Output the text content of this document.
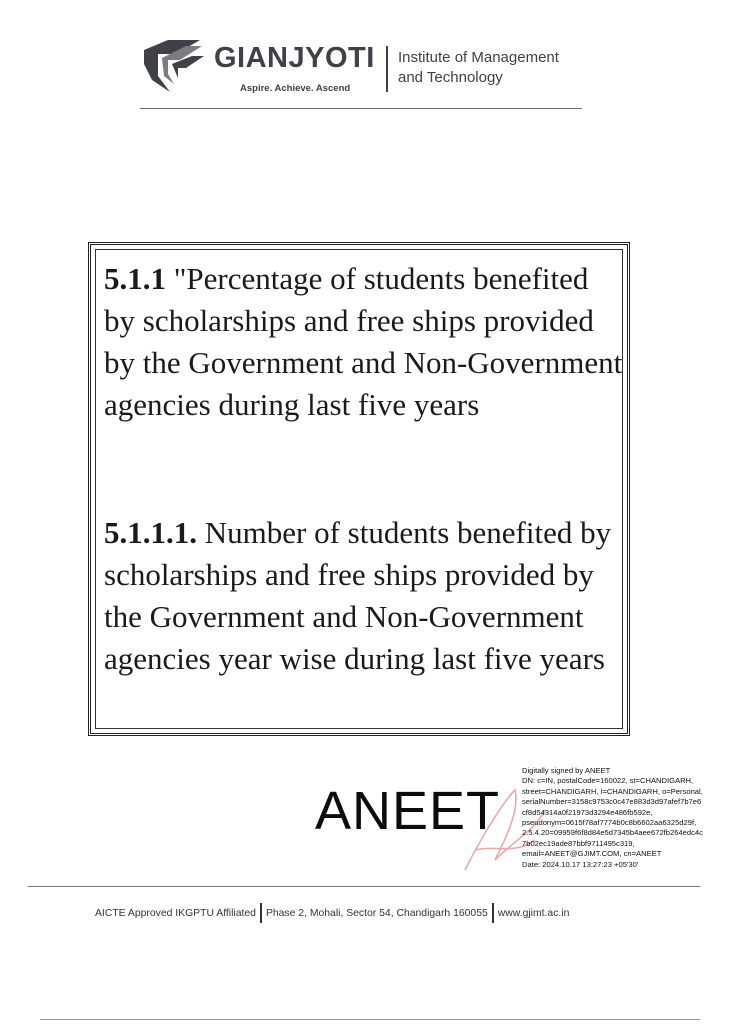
GIANJYOTI
Aspire. Achieve. Ascend
Institute of Management
and Technology
5.1.1 "Percentage of students benefited by scholarships and free ships provided by the Government and Non-Government agencies during last five years
5.1.1.1. Number of students benefited by scholarships and free ships provided by the Government and Non-Government agencies year wise during last five years
ANEET
Digitally signed by ANEET
DN: c=IN, postalCode=160022, st=CHANDIGARH,
street=CHANDIGARH, l=CHANDIGARH, o=Personal,
serialNumber=3158c9753c0c47e883d3d97afef7b7e6
cf8d54314a0f21973d3294e486fb592e,
pseudonym=0615f78af7774b0c8b6602aa6325d29f,
2.5.4.20=09959f6f8d84e5d7345b4aee672fb264edc4c
7b02ec19ade87bbf9711495c319,
email=ANEET@GJIMT.COM, cn=ANEET
Date: 2024.10.17 13:27:23 +05'30'
AICTE Approved IKGPTU Affiliated Phase 2, Mohali, Sector 54, Chandigarh 160055 www.gjimt.ac.in
